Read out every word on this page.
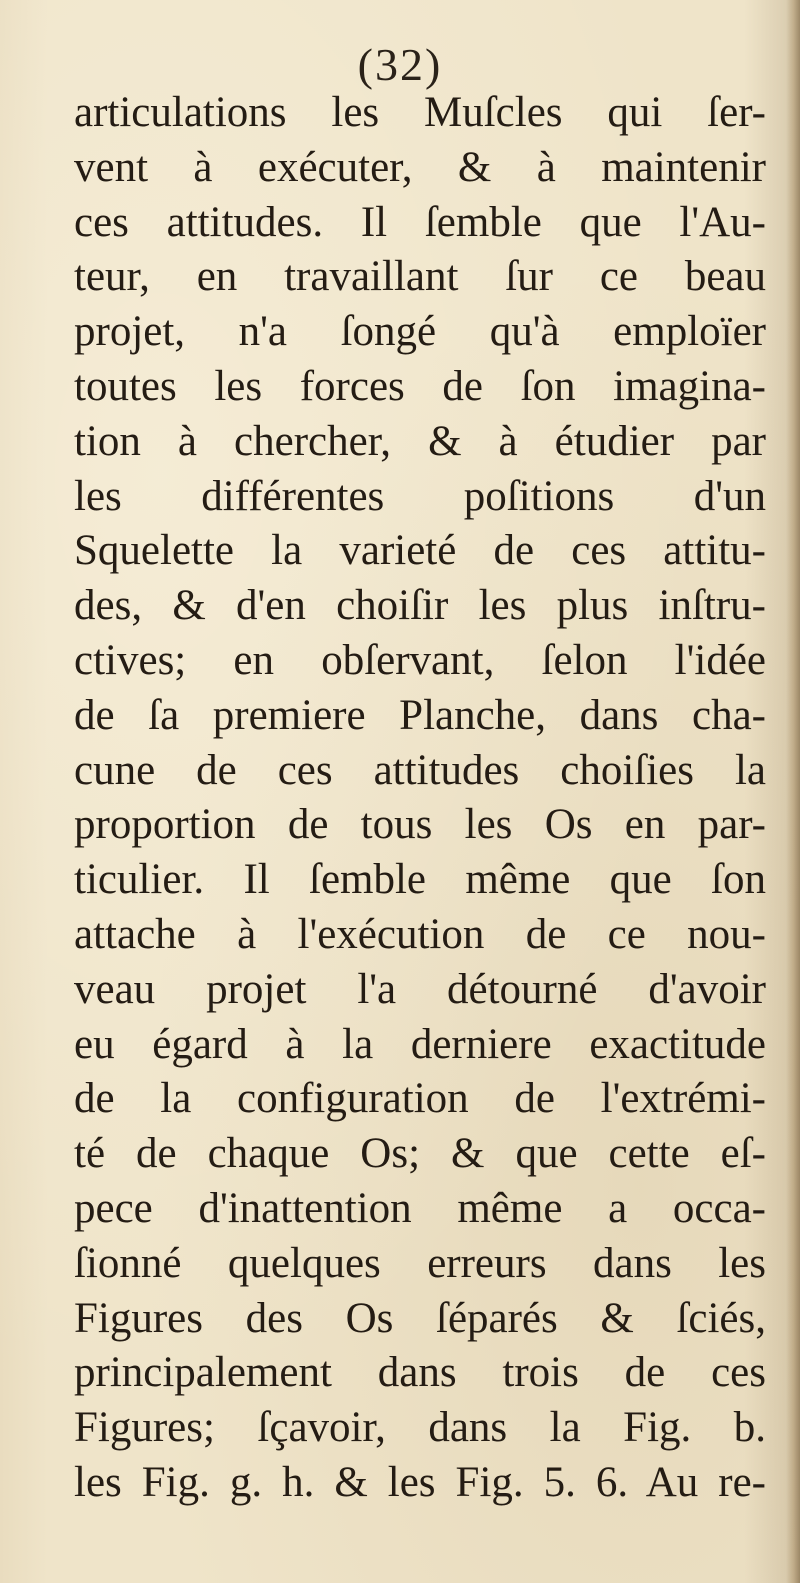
(32)
articulations les Muſcles qui ſer-
vent à exécuter, & à maintenir
ces attitudes. Il ſemble que l'Au-
teur, en travaillant ſur ce beau
projet, n'a ſongé qu'à emploïer
toutes les forces de ſon imagina-
tion à chercher, & à étudier par
les différentes poſitions d'un
Squelette la varieté de ces attitu-
des, & d'en choiſir les plus inſtru-
ctives; en obſervant, ſelon l'idée
de ſa premiere Planche, dans cha-
cune de ces attitudes choiſies la
proportion de tous les Os en par-
ticulier. Il ſemble même que ſon
attache à l'exécution de ce nou-
veau projet l'a détourné d'avoir
eu égard à la derniere exactitude
de la configuration de l'extrémi-
té de chaque Os; & que cette eſ-
pece d'inattention même a occa-
ſionné quelques erreurs dans les
Figures des Os ſéparés & ſciés,
principalement dans trois de ces
Figures; ſçavoir, dans la Fig. b.
les Fig. g. h. & les Fig. 5. 6. Au re-
